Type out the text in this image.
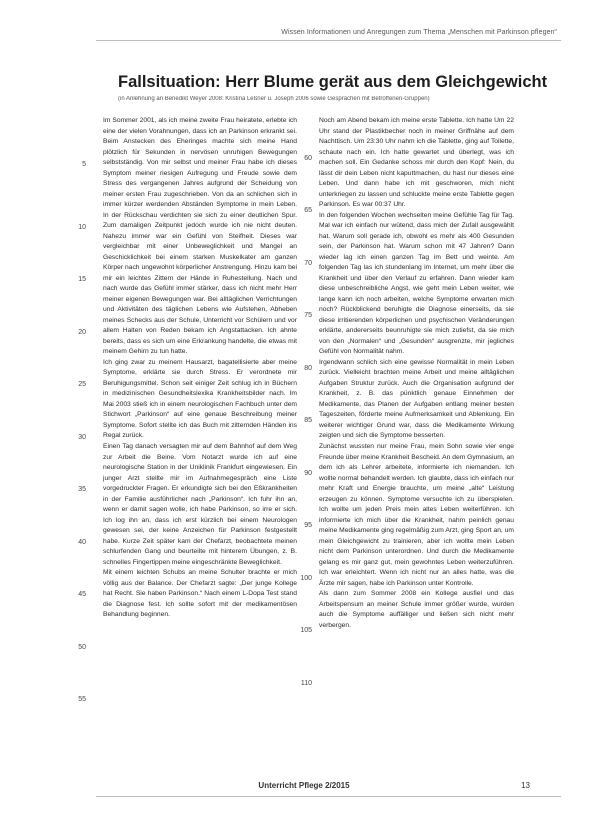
Wissen Informationen und Anregungen zum Thema „Menschen mit Parkinson pflegen“
Fallsituation: Herr Blume gerät aus dem Gleichgewicht
(in Anlehnung an Benedikt Weyer 2008: Kristina Leßner u. Joseph 2006 sowie Gesprächen mit Betroffenen-Gruppen)

Im Sommer 2001, als ich meine zweite Frau heiratete, erlebte ich eine der vielen Vorahnungen, dass ich an Parkinson erkrankt sei. Beim Anstecken des Eheringes machte sich meine Hand plötzlich für Sekunden in nervösen unruhigen Bewegungen selbstständig. Von mir selbst und meiner Frau habe ich dieses Symptom meiner riesigen Aufregung und Freude sowie dem Stress des vergangenen Jahres aufgrund der Scheidung von meiner ersten Frau zugeschrieben. Von da an schlichen sich in immer kürzer werdenden Abständen Symptome in mein Leben. In der Rückschau verdichten sie sich zu einer deutlichen Spur. Zum damaligen Zeitpunkt jedoch wurde ich nie nicht deuten. Nahezu immer war ein Gefühl von Steifheit. Dieses war vergleichbar mit einer Unbeweglichkeit und Mangel an Geschicklichkeit bei einem starken Muskelkater am ganzen Körper nach ungewohnt körperlicher Anstrengung. Hinzu kam bei mir ein leichtes Zittern der Hände in Ruhestellung. Nach und nach wurde das Gefühl immer stärker, dass ich nicht mehr Herr meiner eigenen Bewegungen war. Bei alltäglichen Verrichtungen und Aktivitäten des täglichen Lebens wie Aufstehen, Abheben meines Schecks aus der Schule, Unterricht vor Schülern und vor allem Halten von Reden bekam ich Angstattacken. Ich ahnte bereits, dass es sich um eine Erkrankung handelte, die etwas mit meinem Gehirn zu tun hatte.

Ich ging zwar zu meinem Hausarzt, bagatellisierte aber meine Symptome, erklärte sie durch Stress. Er verordnete mir Beruhigungsmittel. Schon seit einiger Zeit schlug ich in Büchern in medizinischen Gesundheitslexika Krankheitsbilder nach. Im Mai 2003 stieß ich in einem neurologischen Fachbuch unter dem Stichwort „Parkinson“ auf eine genaue Beschreibung meiner Symptome. Sofort stellte ich das Buch mit zitternden Händen ins Regal zurück.

Einen Tag danach versagten mir auf dem Bahnhof auf dem Weg zur Arbeit die Beine. Vom Notarzt wurde ich auf eine neurologische Station in der Uniklinik Frankfurt eingewiesen. Ein junger Arzt stellte mir im Aufnahmegespräch eine Liste vorgedruckter Fragen. Er erkundigte sich bei den Eßkrankheiten in der Familie ausführlicher nach „Parkinson“. Ich fuhr ihn an, wenn er damit sagen wolle, ich habe Parkinson, so irre er sich. Ich log ihn an, dass ich erst kürzlich bei einem Neurologen gewesen sei, der keine Anzeichen für Parkinson festgestellt habe. Kurze Zeit später kam der Chefarzt, beobachtete meinen schlurfenden Gang und beurteilte mit hinterem Übungen, z. B. schnelles Fingertippen meine eingeschränkte Beweglichkeit.

Mit einem leichten Schubs an meine Schulter brachte er mich völlig aus der Balance. Der Chefarzt sagte: „Der junge Kollege hat Recht. Sie haben Parkinson.“ Nach einem L-Dopa Test stand die Diagnose fest. Ich sollte sofort mit der medikamentösen Behandlung beginnen.

Noch am Abend bekam ich meine erste Tablette. Ich hatte Um 22 Uhr stand der Plastikbecher noch in meiner Griffnähe auf dem Nachttisch. Um 23:30 Uhr nahm ich die Tablette, ging auf Toilette, schaute nach ein. Ich hatte gewartet und überlegt, was ich machen soll. Ein Gedanke schoss mir durch den Kopf: Nein, du lässt dir dein Leben nicht kaputtmachen, du hast nur dieses eine Leben. Und dann habe ich mit geschworen, mich nicht unterkriegen zu lassen und schluckte meine erste Tablette gegen Parkinson. Es war 00:37 Uhr.

In den folgenden Wochen wechselten meine Gefühle Tag für Tag. Mal war ich einfach nur wütend, dass mich der Zufall ausgewählt hat. Warum soll gerade ich, obwohl es mehr als 400 Gesunden sein, der Parkinson hat. Warum schon mit 47 Jahren? Dann wieder lag ich einen ganzen Tag im Bett und weinte. Am folgenden Tag las ich stundenlang im Internet, um mehr über die Krankheit und über den Verlauf zu erfahren. Dann wieder kam diese unbeschreibliche Angst, wie geht mein Leben weiter, wie lange kann ich noch arbeiten, welche Symptome erwarten mich noch? Rückblickend beruhigte die Diagnose einerseits, da sie diese irritierenden körperlichen und psychischen Veränderungen erklärte, andererseits beunruhigte sie mich zutiefst, da sie mich von den „Normalen“ und „Gesunden“ ausgrenzte, mir jegliches Gefühl von Normalität nahm.

Irgendwann schlich sich eine gewisse Normalität in mein Leben zurück. Vielleicht brachten meine Arbeit und meine alltäglichen Aufgaben Struktur zurück. Auch die Organisation aufgrund der Krankheit, z. B. das pünktlich genaue Einnehmen der Medikamente, das Planen der Aufgaben entlang meiner besten Tageszeiten, förderte meine Aufmerksamkeit und Ablenkung. Ein weiterer wichtiger Grund war, dass die Medikamente Wirkung zeigten und sich die Symptome besserten.

Zunächst wussten nur meine Frau, mein Sohn sowie vier enge Freunde über meine Krankheit Bescheid. An dem Gymnasium, an dem ich als Lehrer arbeitete, informierte ich niemanden. Ich wollte normal behandelt werden. Ich glaubte, dass ich einfach nur mehr Kraft und Energie brauchte, um meine „alte“ Leistung erzeugen zu können. Symptome versuchte ich zu überspielen. Ich wollte um jeden Preis mein altes Leben weiterführen. Ich informierte ich mich über die Krankheit, nahm peinlich genau meine Medikamente ging regelmäßig zum Arzt, ging Sport an, um mein Gleichgewicht zu trainieren, aber ich wollte mein Leben nicht dem Parkinson unterordnen. Und durch die Medikamente gelang es mir ganz gut, mein gewohntes Leben weiterzuführen. Ich war erleichtert. Wenn ich nicht nur an alles hatte, was die Ärzte mir sagen, habe ich Parkinson unter Kontrolle.

Als dann zum Sommer 2008 ein Kollege ausfiel und das Arbeitspensum an meiner Schule immer größer wurde, wurden auch die Symptome auffälliger und ließen sich nicht mehr verbergen.

5
10
15
20
25
30
35
40
45
50
55
60
65
70
75
80
85
90
95
100
105
110
Unterricht Pflege 2/2015	13
